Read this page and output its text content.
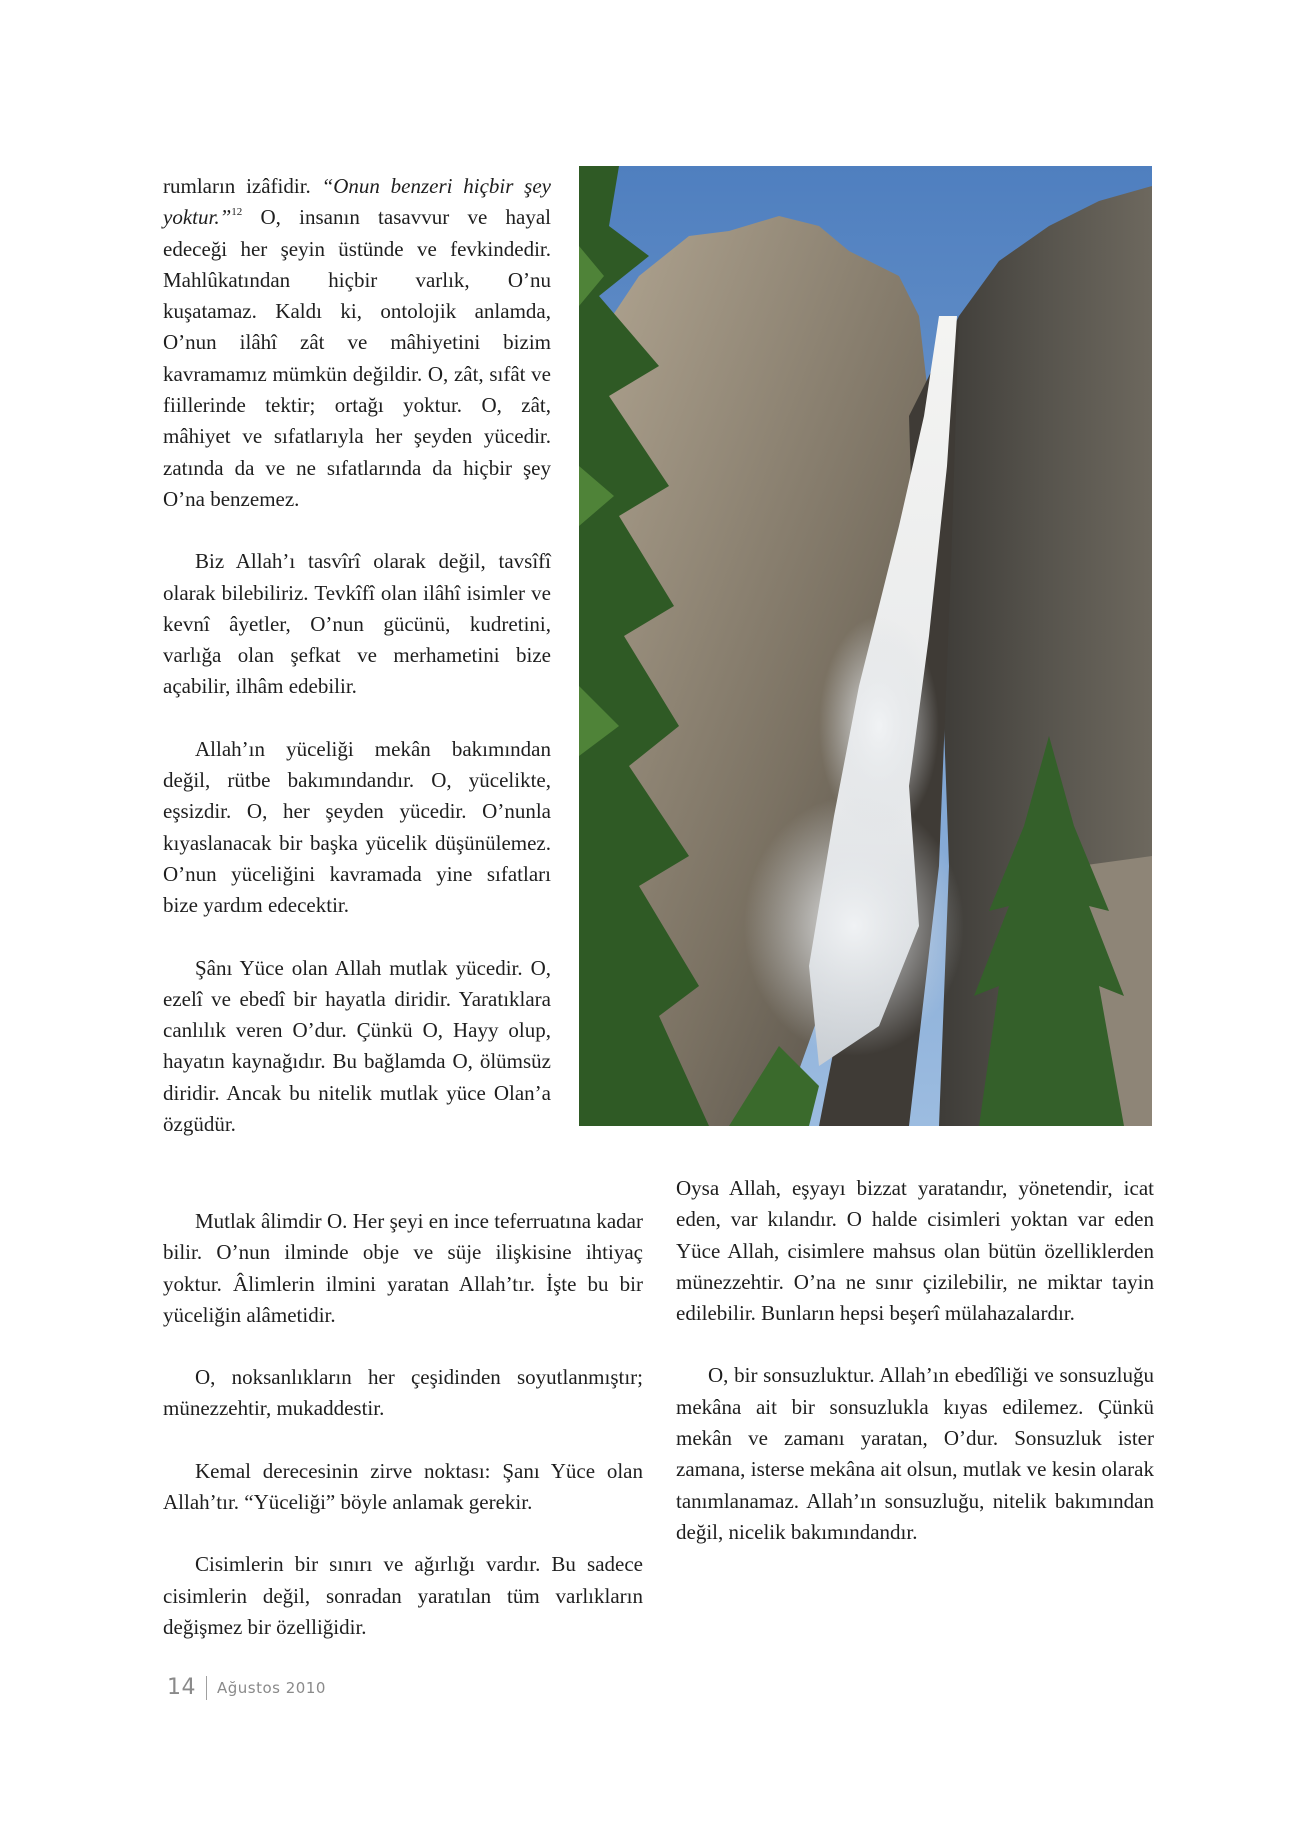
rumların izâfidir. “Onun benzeri hiçbir şey yoktur.”$^{12}$ O, insanın tasavvur ve hayal edeceği her şeyin üstünde ve fevkindedir. Mahlûkatından hiçbir varlık, O’nu kuşatamaz. Kaldı ki, ontolojik anlamda, O’nun ilâhî zât ve mâhiyetini bizim kavramamız mümkün değildir. O, zât, sıfât ve fiillerinde tektir; ortağı yoktur. O, zât, mâhiyet ve sıfatlarıyla her şeyden yücedir. zatında da ve ne sıfatlarında da hiçbir şey O’na benzemez.

Biz Allah’ı tasvîrî olarak değil, tavsîfî olarak bilebiliriz. Tevkîfî olan ilâhî isimler ve kevnî âyetler, O’nun gücünü, kudretini, varlığa olan şefkat ve merhametini bize açabilir, ilhâm edebilir.

Allah’ın yüceliği mekân bakımından değil, rütbe bakımındandır. O, yücelikte, eşsizdir. O, her şeyden yücedir. O’nunla kıyaslanacak bir başka yücelik düşünülemez. O’nun yüceliğini kavramada yine sıfatları bize yardım edecektir.

Şânı Yüce olan Allah mutlak yücedir. O, ezelî ve ebedî bir hayatla diridir. Yaratıklara canlılık veren O’dur. Çünkü O, Hayy olup, hayatın kaynağıdır. Bu bağlamda O, ölümsüz diridir. Ancak bu nitelik mutlak yüce Olan’a özgüdür.

Mutlak âlimdir O. Her şeyi en ince teferruatına kadar bilir. O’nun ilminde obje ve süje ilişkisine ihtiyaç yoktur. Âlimlerin ilmini yaratan Allah’tır. İşte bu bir yüceliğin alâmetidir.

O, noksanlıkların her çeşidinden soyutlanmıştır; münezzehtir, mukaddestir.

Kemal derecesinin zirve noktası: Şanı Yüce olan Allah’tır. “Yüceliği” böyle anlamak gerekir.

Cisimlerin bir sınırı ve ağırlığı vardır. Bu sadece cisimlerin değil, sonradan yaratılan tüm varlıkların değişmez bir özelliğidir.

Oysa Allah, eşyayı bizzat yaratandır, yönetendir, icat eden, var kılandır. O halde cisimleri yoktan var eden Yüce Allah, cisimlere mahsus olan bütün özelliklerden münezzehtir. O’na ne sınır çizilebilir, ne miktar tayin edilebilir. Bunların hepsi beşerî mülahazalardır.

O, bir sonsuzluktur. Allah’ın ebedîliği ve sonsuzluğu mekâna ait bir sonsuzlukla kıyas edilemez. Çünkü mekân ve zamanı yaratan, O’dur. Sonsuzluk ister zamana, isterse mekâna ait olsun, mutlak ve kesin olarak tanımlanamaz. Allah’ın sonsuzluğu, nitelik bakımından değil, nicelik bakımındandır.

14 Ağustos 2010
